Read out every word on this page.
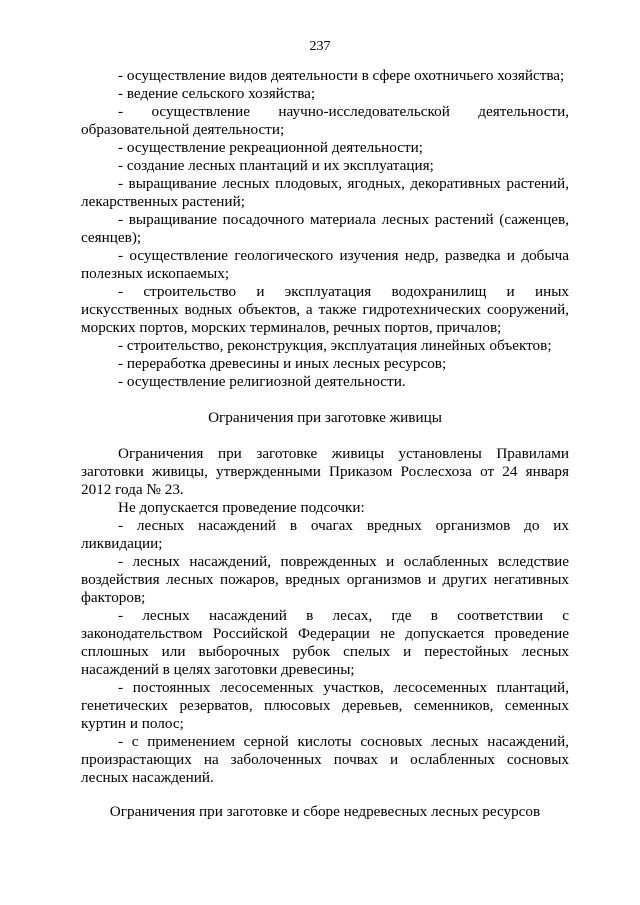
237

- осуществление видов деятельности в сфере охотничьего хозяйства;

- ведение сельского хозяйства;

- осуществление научно-исследовательской деятельности, образовательной деятельности;

- осуществление рекреационной деятельности;

- создание лесных плантаций и их эксплуатация;

- выращивание лесных плодовых, ягодных, декоративных растений, лекарственных растений;

- выращивание посадочного материала лесных растений (саженцев, сеянцев);

- осуществление геологического изучения недр, разведка и добыча полезных ископаемых;

- строительство и эксплуатация водохранилищ и иных искусственных водных объектов, а также гидротехнических сооружений, морских портов, морских терминалов, речных портов, причалов;

- строительство, реконструкция, эксплуатация линейных объектов;

- переработка древесины и иных лесных ресурсов;

- осуществление религиозной деятельности.

Ограничения при заготовке живицы

Ограничения при заготовке живицы установлены Правилами заготовки живицы, утвержденными Приказом Рослесхоза от 24 января 2012 года № 23.

Не допускается проведение подсочки:

- лесных насаждений в очагах вредных организмов до их ликвидации;

- лесных насаждений, поврежденных и ослабленных вследствие воздействия лесных пожаров, вредных организмов и других негативных факторов;

- лесных насаждений в лесах, где в соответствии с законодательством Российской Федерации не допускается проведение сплошных или выборочных рубок спелых и перестойных лесных насаждений в целях заготовки древесины;

- постоянных лесосеменных участков, лесосеменных плантаций, генетических резерватов, плюсовых деревьев, семенников, семенных куртин и полос;

- с применением серной кислоты сосновых лесных насаждений, произрастающих на заболоченных почвах и ослабленных сосновых лесных насаждений.

Ограничения при заготовке и сборе недревесных лесных ресурсов
